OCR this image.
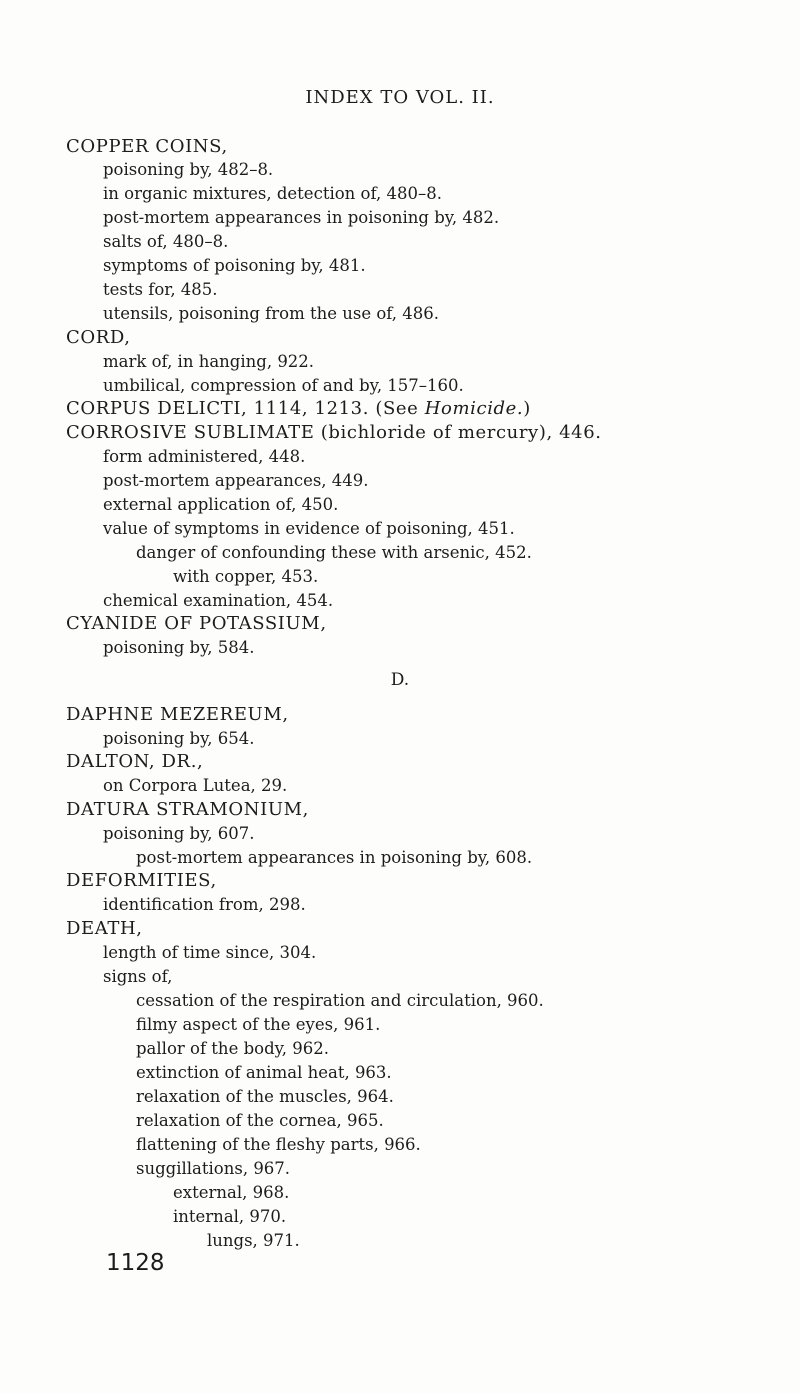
INDEX TO VOL. II.
COPPER COINS,
poisoning by, 482–8.
in organic mixtures, detection of, 480–8.
post-mortem appearances in poisoning by, 482.
salts of, 480–8.
symptoms of poisoning by, 481.
tests for, 485.
utensils, poisoning from the use of, 486.
CORD,
mark of, in hanging, 922.
umbilical, compression of and by, 157–160.
CORPUS DELICTI, 1114, 1213. (See Homicide.)
CORROSIVE SUBLIMATE (bichloride of mercury), 446.
form administered, 448.
post-mortem appearances, 449.
external application of, 450.
value of symptoms in evidence of poisoning, 451.
danger of confounding these with arsenic, 452.
with copper, 453.
chemical examination, 454.
CYANIDE OF POTASSIUM,
poisoning by, 584.
D.
DAPHNE MEZEREUM,
poisoning by, 654.
DALTON, DR.,
on Corpora Lutea, 29.
DATURA STRAMONIUM,
poisoning by, 607.
post-mortem appearances in poisoning by, 608.
DEFORMITIES,
identification from, 298.
DEATH,
length of time since, 304.
signs of,
cessation of the respiration and circulation, 960.
filmy aspect of the eyes, 961.
pallor of the body, 962.
extinction of animal heat, 963.
relaxation of the muscles, 964.
relaxation of the cornea, 965.
flattening of the fleshy parts, 966.
suggillations, 967.
external, 968.
internal, 970.
lungs, 971.
1128
